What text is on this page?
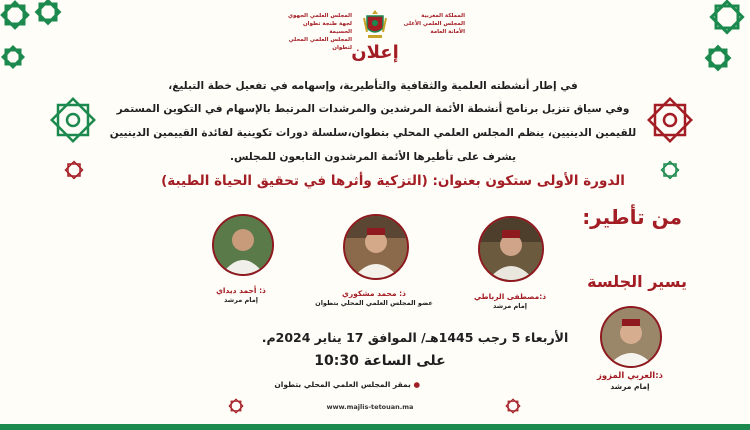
المملكة المغربية
المجلس العلمي الأعلى
الأمانة العامة
المجلس العلمي الجهوي
لجهة طنجة تطوان الحسيمة
المجلس العلمي المحلي لتطوان إعلان
في إطار أنشطته العلمية والثقافية والتأطيرية، وإسهامه في تفعيل خطة التبليغ،
وفي سياق تنزيل برنامج أنشطة الأئمة المرشدين والمرشدات المرتبط بالإسهام في التكوين المستمر
للقيمين الدينيين، ينظم المجلس العلمي المحلي بتطوان،سلسلة دورات تكوينية لفائدة القييمين الدينيين
يشرف على تأطيرها الأئمة المرشدون التابعون للمجلس.
الدورة الأولى ستكون بعنوان: (التزكية وأثرها في تحقيق الحياة الطيبة)
من تأطير:
ذ: أحمد ديداي
إمام مرشد
ذ: محمد مشكوري
عضو المجلس العلمي المحلي بتطوان
ذ:مصطفى الرباطي
إمام مرشد
يسير الجلسة
ذ:العربي المزوز
إمام مرشد
الأربعاء 5 رجب 1445هـ/ الموافق 17 يناير 2024م.
على الساعة 10:30
● بمقر المجلس العلمي المحلي بتطوان
www.majlis-tetouan.ma
